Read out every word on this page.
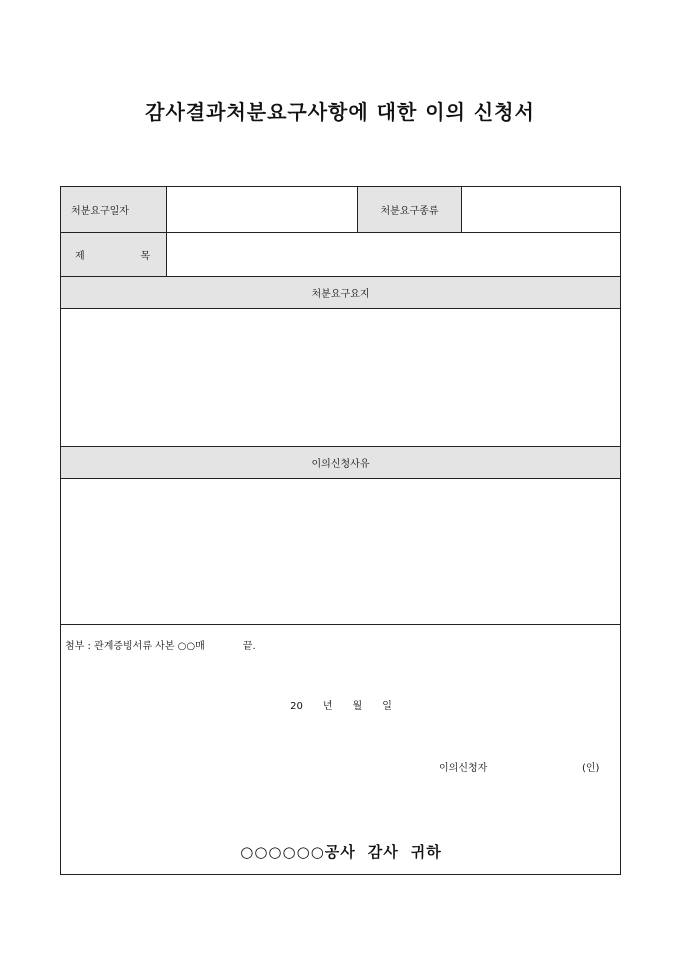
감사결과처분요구사항에 대한 이의 신청서
처분요구일자		처분요구종류	

제 목			

처분요구요지			

이의신청사유			

첨부 : 관계증빙서류 사본 ○○매 끝.
20 년 월 일
이의신청자 (인)
○○○○○○공사 감사 귀하			
